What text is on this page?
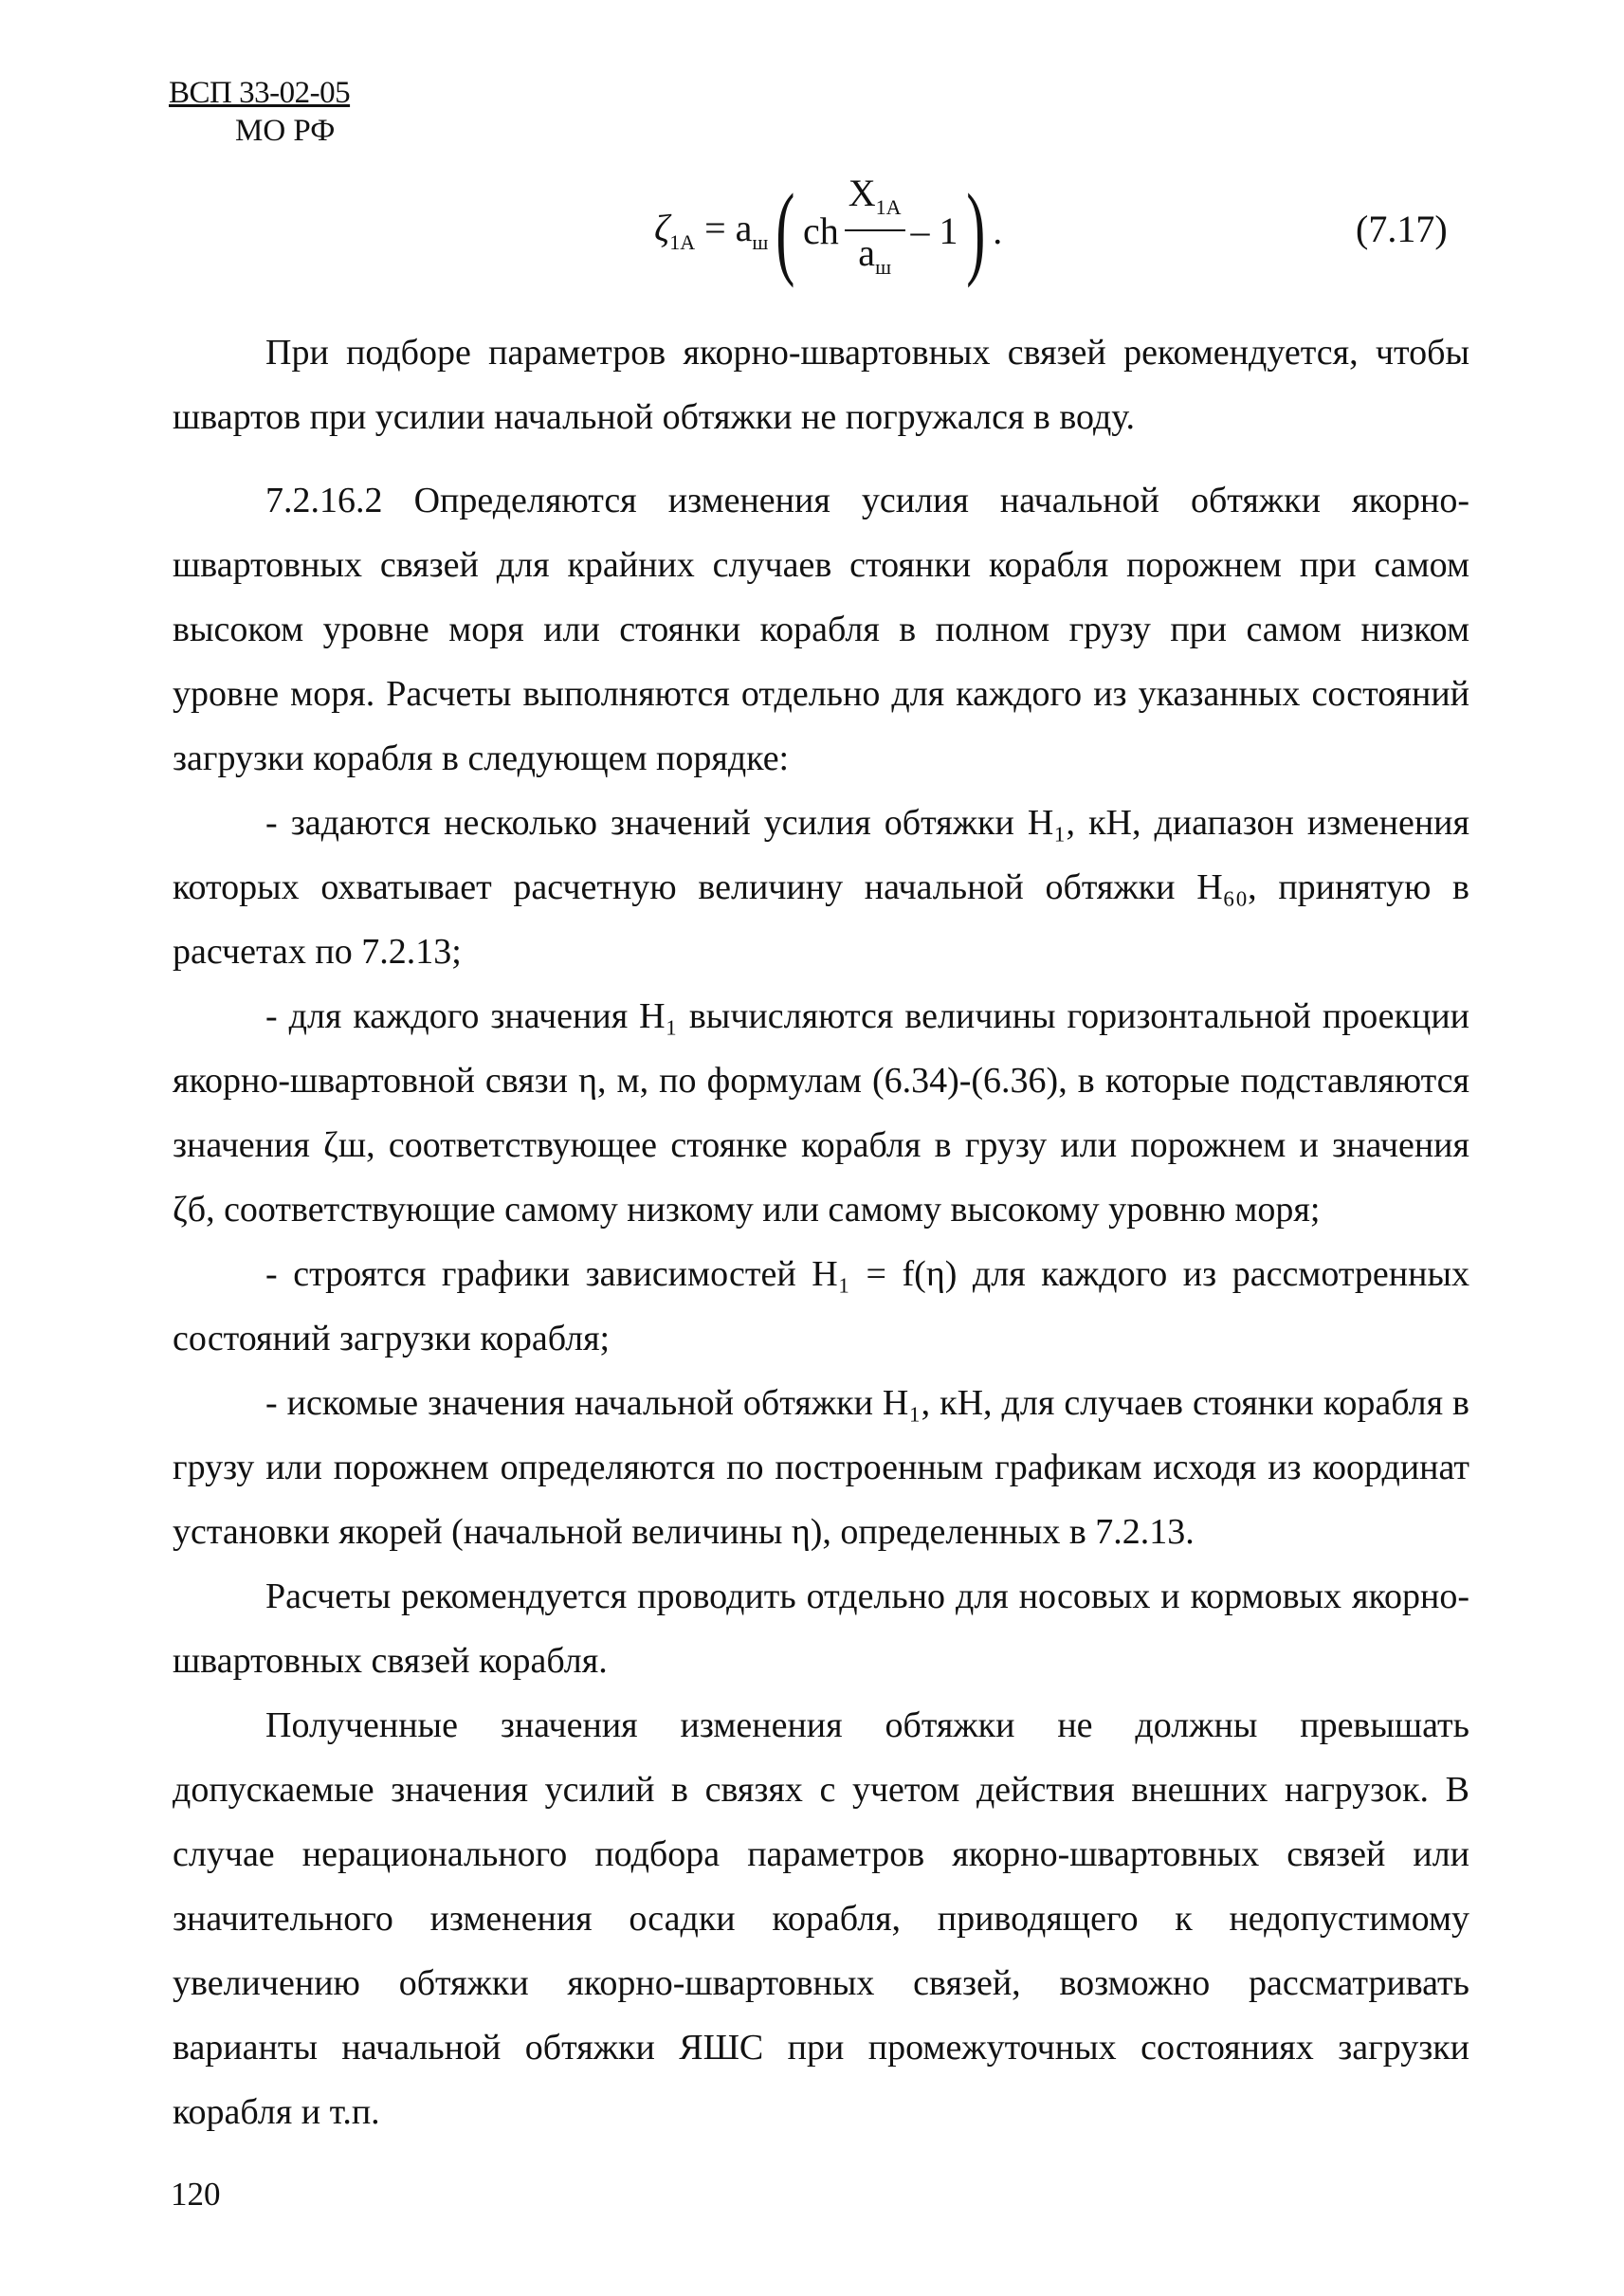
ВСП 33-02-05
МО РФ
$\zeta_{1A} = a_ш$ ( ch $\frac{X_{1A}}{a_ш} - 1$ ) .	(7.17)

При подборе параметров якорно-швартовных связей рекомендуется, чтобы швартов при усилии начальной обтяжки не погружался в воду.

7.2.16.2 Определяются изменения усилия начальной обтяжки якорно-швартовных связей для крайних случаев стоянки корабля порожнем при самом высоком уровне моря или стоянки корабля в полном грузу при самом низком уровне моря. Расчеты выполняются отдельно для каждого из указанных состояний загрузки корабля в следующем порядке:

- задаются несколько значений усилия обтяжки H₁, кН, диапазон изменения которых охватывает расчетную величину начальной обтяжки H₆₀, принятую в расчетах по 7.2.13;

- для каждого значения H₁ вычисляются величины горизонтальной проекции якорно-швартовной связи η, м, по формулам (6.34)-(6.36), в которые подставляются значения ζш, соответствующее стоянке корабля в грузу или порожнем и значения ζб, соответствующие самому низкому или самому высокому уровню моря;

- строятся графики зависимостей H₁ = f(η) для каждого из рассмотренных состояний загрузки корабля;

- искомые значения начальной обтяжки H₁, кН, для случаев стоянки корабля в грузу или порожнем определяются по построенным графикам исходя из координат установки якорей (начальной величины η), определенных в 7.2.13.

Расчеты рекомендуется проводить отдельно для носовых и кормовых якорно-швартовных связей корабля.

Полученные значения изменения обтяжки не должны превышать допускаемые значения усилий в связях с учетом действия внешних нагрузок. В случае нерационального подбора параметров якорно-швартовных связей или значительного изменения осадки корабля, приводящего к недопустимому увеличению обтяжки якорно-швартовных связей, возможно рассматривать варианты начальной обтяжки ЯШС при промежуточных состояниях загрузки корабля и т.п.

120
